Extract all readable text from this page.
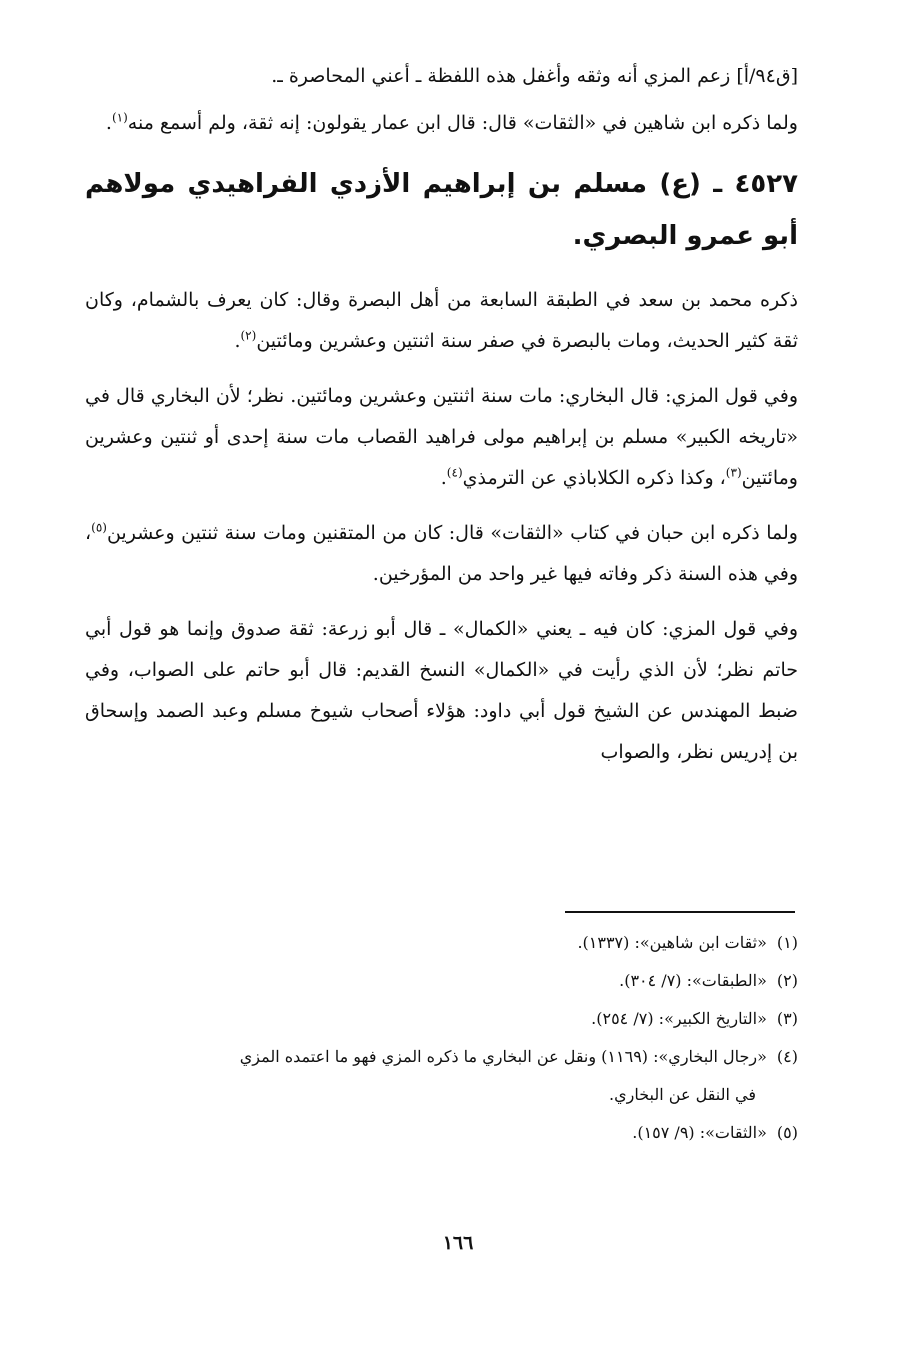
[ق٩٤/أ] زعم المزي أنه وثقه وأغفل هذه اللفظة ـ أعني المحاصرة ـ.

ولما ذكره ابن شاهين في «الثقات» قال: قال ابن عمار يقولون: إنه ثقة، ولم أسمع منه$^{(١)}$.

٤٥٢٧ ـ (ع) مسلم بن إبراهيم الأزدي الفراهيدي مولاهم أبو عمرو البصري.

ذكره محمد بن سعد في الطبقة السابعة من أهل البصرة وقال: كان يعرف بالشمام، وكان ثقة كثير الحديث، ومات بالبصرة في صفر سنة اثنتين وعشرين ومائتين$^{(٢)}$.

وفي قول المزي: قال البخاري: مات سنة اثنتين وعشرين ومائتين. نظر؛ لأن البخاري قال في «تاريخه الكبير» مسلم بن إبراهيم مولى فراهيد القصاب مات سنة إحدى أو ثنتين وعشرين ومائتين$^{(٣)}$، وكذا ذكره الكلاباذي عن الترمذي$^{(٤)}$.

ولما ذكره ابن حبان في كتاب «الثقات» قال: كان من المتقنين ومات سنة ثنتين وعشرين$^{(٥)}$، وفي هذه السنة ذكر وفاته فيها غير واحد من المؤرخين.

وفي قول المزي: كان فيه ـ يعني «الكمال» ـ قال أبو زرعة: ثقة صدوق وإنما هو قول أبي حاتم نظر؛ لأن الذي رأيت في «الكمال» النسخ القديم: قال أبو حاتم على الصواب، وفي ضبط المهندس عن الشيخ قول أبي داود: هؤلاء أصحاب شيوخ مسلم وعبد الصمد وإسحاق بن إدريس نظر، والصواب

(١)«ثقات ابن شاهين»: (١٣٣٧).

(٢)«الطبقات»: (٧/ ٣٠٤).

(٣)«التاريخ الكبير»: (٧/ ٢٥٤).

(٤)«رجال البخاري»: (١١٦٩) ونقل عن البخاري ما ذكره المزي فهو ما اعتمده المزي

في النقل عن البخاري.

(٥)«الثقات»: (٩/ ١٥٧).

١٦٦
